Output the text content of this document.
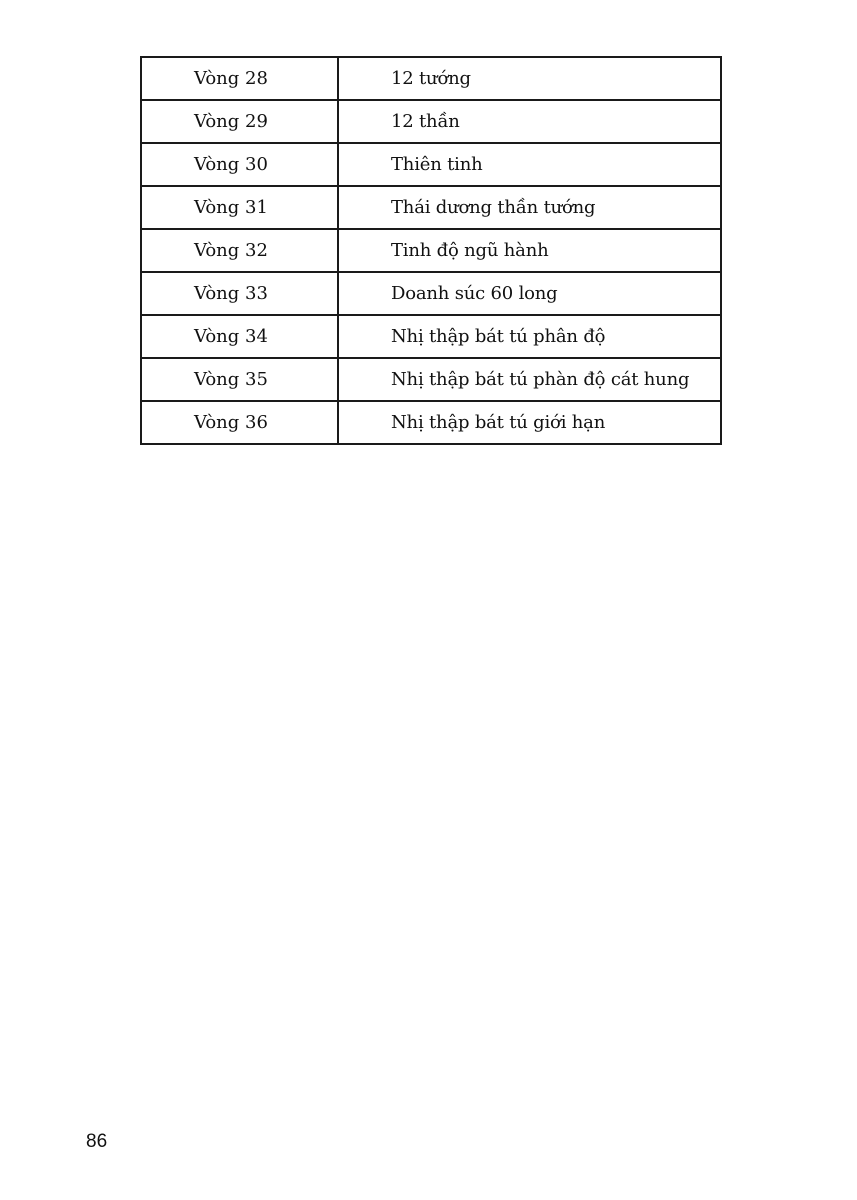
Vòng 28	12 tướng
Vòng 29	12 thần
Vòng 30	Thiên tinh
Vòng 31	Thái dương thần tướng
Vòng 32	Tinh độ ngũ hành
Vòng 33	Doanh súc 60 long
Vòng 34	Nhị thập bát tú phân độ
Vòng 35	Nhị thập bát tú phàn độ cát hung
Vòng 36	Nhị thập bát tú giới hạn
86
